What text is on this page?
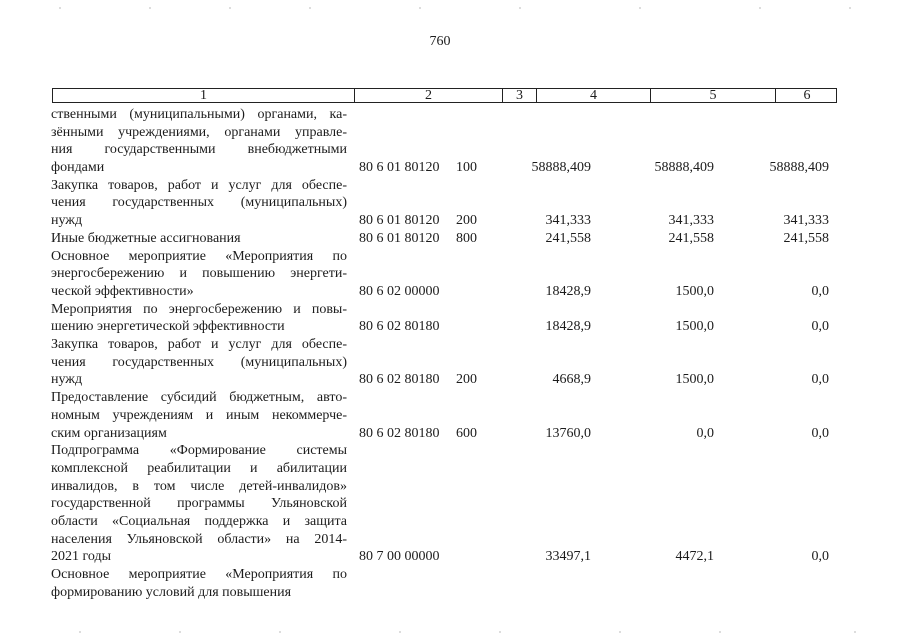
760
1	2	3	4	5	6
ственными (муниципальными) органами, ка-
зёнными учреждениями, органами управле-
ния государственными внебюджетными
фондами	80 6 01 80120 100	58888,409	58888,409	58888,409
Закупка товаров, работ и услуг для обеспе-
чения государственных (муниципальных)
нужд	80 6 01 80120 200	341,333	341,333	341,333
Иные бюджетные ассигнования	80 6 01 80120 800	241,558	241,558	241,558
Основное мероприятие «Мероприятия по
энергосбережению и повышению энергети-
ческой эффективности»	80 6 02 00000	18428,9	1500,0	0,0
Мероприятия по энергосбережению и повы-
шению энергетической эффективности	80 6 02 80180	18428,9	1500,0	0,0
Закупка товаров, работ и услуг для обеспе-
чения государственных (муниципальных)
нужд	80 6 02 80180 200	4668,9	1500,0	0,0
Предоставление субсидий бюджетным, авто-
номным учреждениям и иным некоммерче-
ским организациям	80 6 02 80180 600	13760,0	0,0	0,0
Подпрограмма «Формирование системы
комплексной реабилитации и абилитации
инвалидов, в том числе детей-инвалидов»
государственной программы Ульяновской
области «Социальная поддержка и защита
населения Ульяновской области» на 2014-
2021 годы	80 7 00 00000	33497,1	4472,1	0,0
Основное мероприятие «Мероприятия по
формированию условий для повышения
